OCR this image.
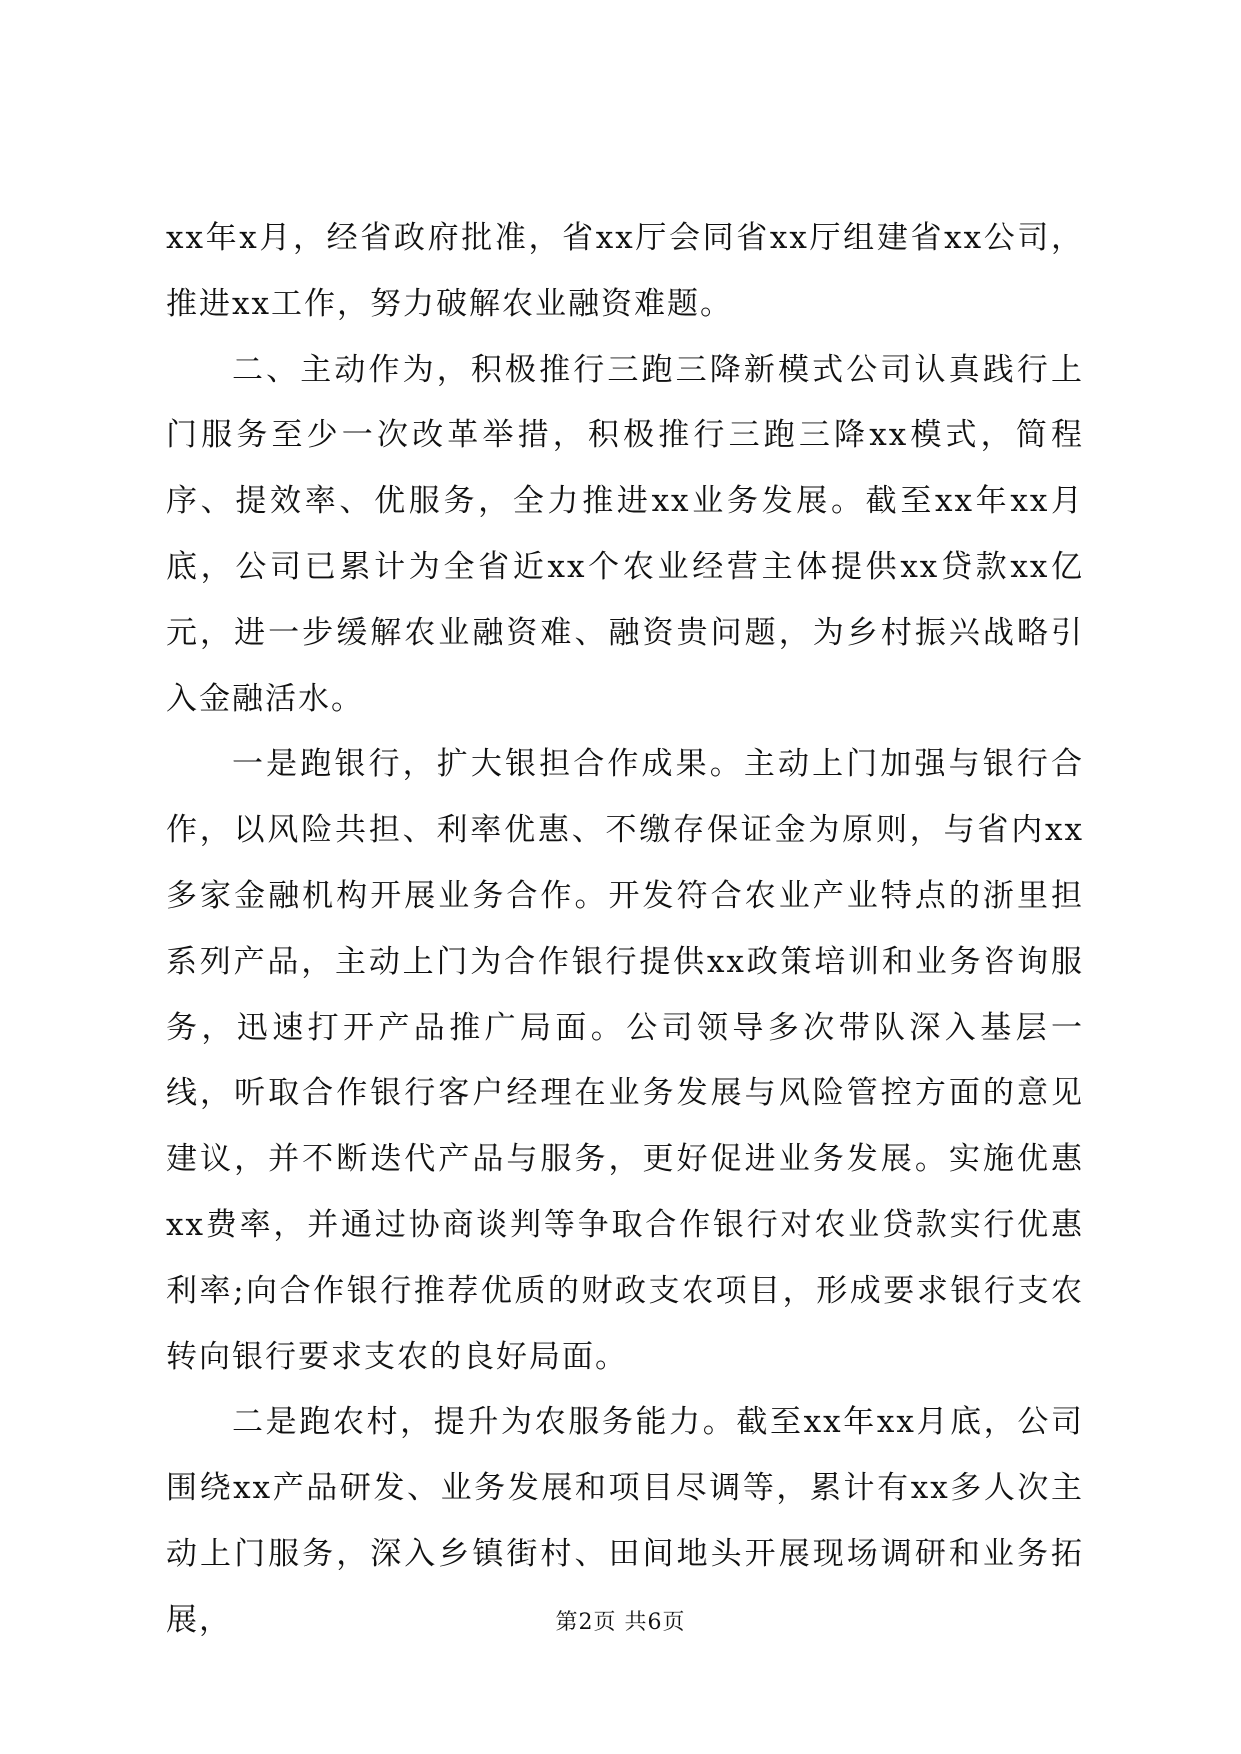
xx年x月，经省政府批准，省xx厅会同省xx厅组建省xx公司，推进xx工作，努力破解农业融资难题。

二、主动作为，积极推行三跑三降新模式公司认真践行上门服务至少一次改革举措，积极推行三跑三降xx模式，简程序、提效率、优服务，全力推进xx业务发展。截至xx年xx月底，公司已累计为全省近xx个农业经营主体提供xx贷款xx亿元，进一步缓解农业融资难、融资贵问题，为乡村振兴战略引入金融活水。

一是跑银行，扩大银担合作成果。主动上门加强与银行合作，以风险共担、利率优惠、不缴存保证金为原则，与省内xx多家金融机构开展业务合作。开发符合农业产业特点的浙里担系列产品，主动上门为合作银行提供xx政策培训和业务咨询服务，迅速打开产品推广局面。公司领导多次带队深入基层一线，听取合作银行客户经理在业务发展与风险管控方面的意见建议，并不断迭代产品与服务，更好促进业务发展。实施优惠xx费率，并通过协商谈判等争取合作银行对农业贷款实行优惠利率;向合作银行推荐优质的财政支农项目，形成要求银行支农转向银行要求支农的良好局面。

二是跑农村，提升为农服务能力。截至xx年xx月底，公司围绕xx产品研发、业务发展和项目尽调等，累计有xx多人次主动上门服务，深入乡镇街村、田间地头开展现场调研和业务拓展，	第2页 共6页
